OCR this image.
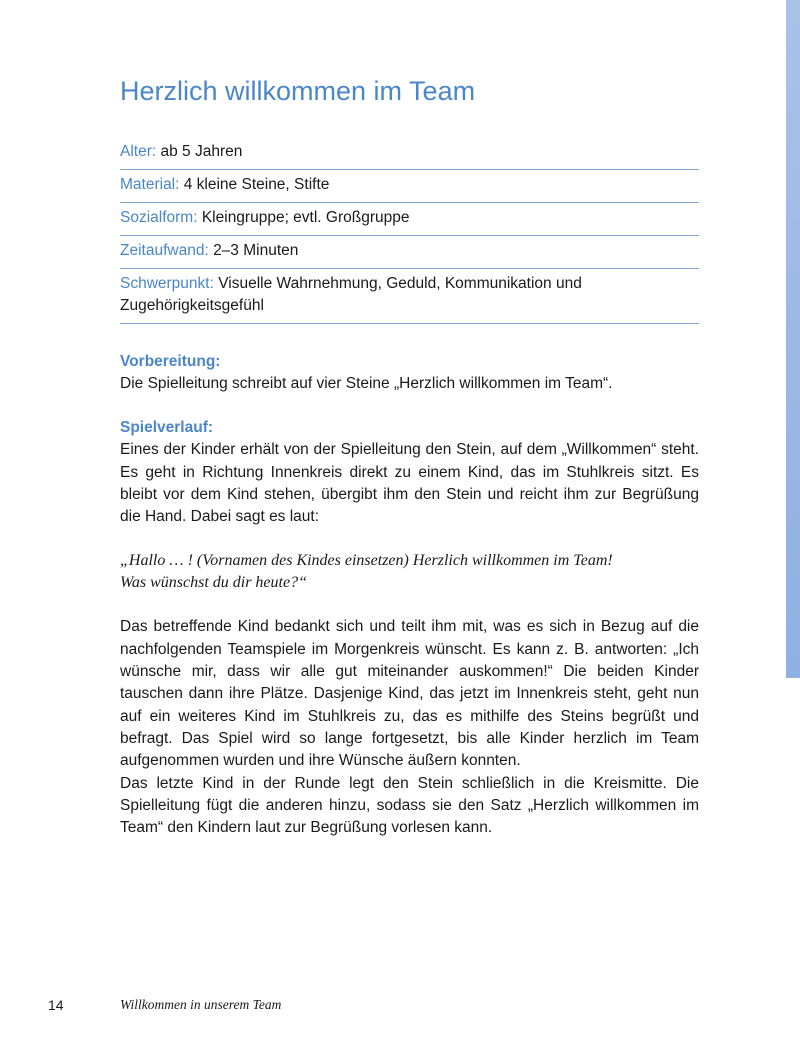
Herzlich willkommen im Team
Alter: ab 5 Jahren
Material: 4 kleine Steine, Stifte
Sozialform: Kleingruppe; evtl. Großgruppe
Zeitaufwand: 2–3 Minuten
Schwerpunkt: Visuelle Wahrnehmung, Geduld, Kommunikation und Zugehörigkeitsgefühl
Vorbereitung:
Die Spielleitung schreibt auf vier Steine „Herzlich willkommen im Team“.
Spielverlauf:
Eines der Kinder erhält von der Spielleitung den Stein, auf dem „Willkommen“ steht. Es geht in Richtung Innenkreis direkt zu einem Kind, das im Stuhlkreis sitzt. Es bleibt vor dem Kind stehen, übergibt ihm den Stein und reicht ihm zur Begrüßung die Hand. Dabei sagt es laut:
„Hallo … ! (Vornamen des Kindes einsetzen) Herzlich willkommen im Team!
Was wünschst du dir heute?“
Das betreffende Kind bedankt sich und teilt ihm mit, was es sich in Bezug auf die nachfolgenden Teamspiele im Morgenkreis wünscht. Es kann z. B. antworten: „Ich wünsche mir, dass wir alle gut miteinander auskommen!“ Die beiden Kinder tauschen dann ihre Plätze. Dasjenige Kind, das jetzt im Innenkreis steht, geht nun auf ein weiteres Kind im Stuhlkreis zu, das es mithilfe des Steins begrüßt und befragt. Das Spiel wird so lange fortgesetzt, bis alle Kinder herzlich im Team aufgenommen wurden und ihre Wünsche äußern konnten.
Das letzte Kind in der Runde legt den Stein schließlich in die Kreismitte. Die Spielleitung fügt die anderen hinzu, sodass sie den Satz „Herzlich willkommen im Team“ den Kindern laut zur Begrüßung vorlesen kann.
14	Willkommen in unserem Team
